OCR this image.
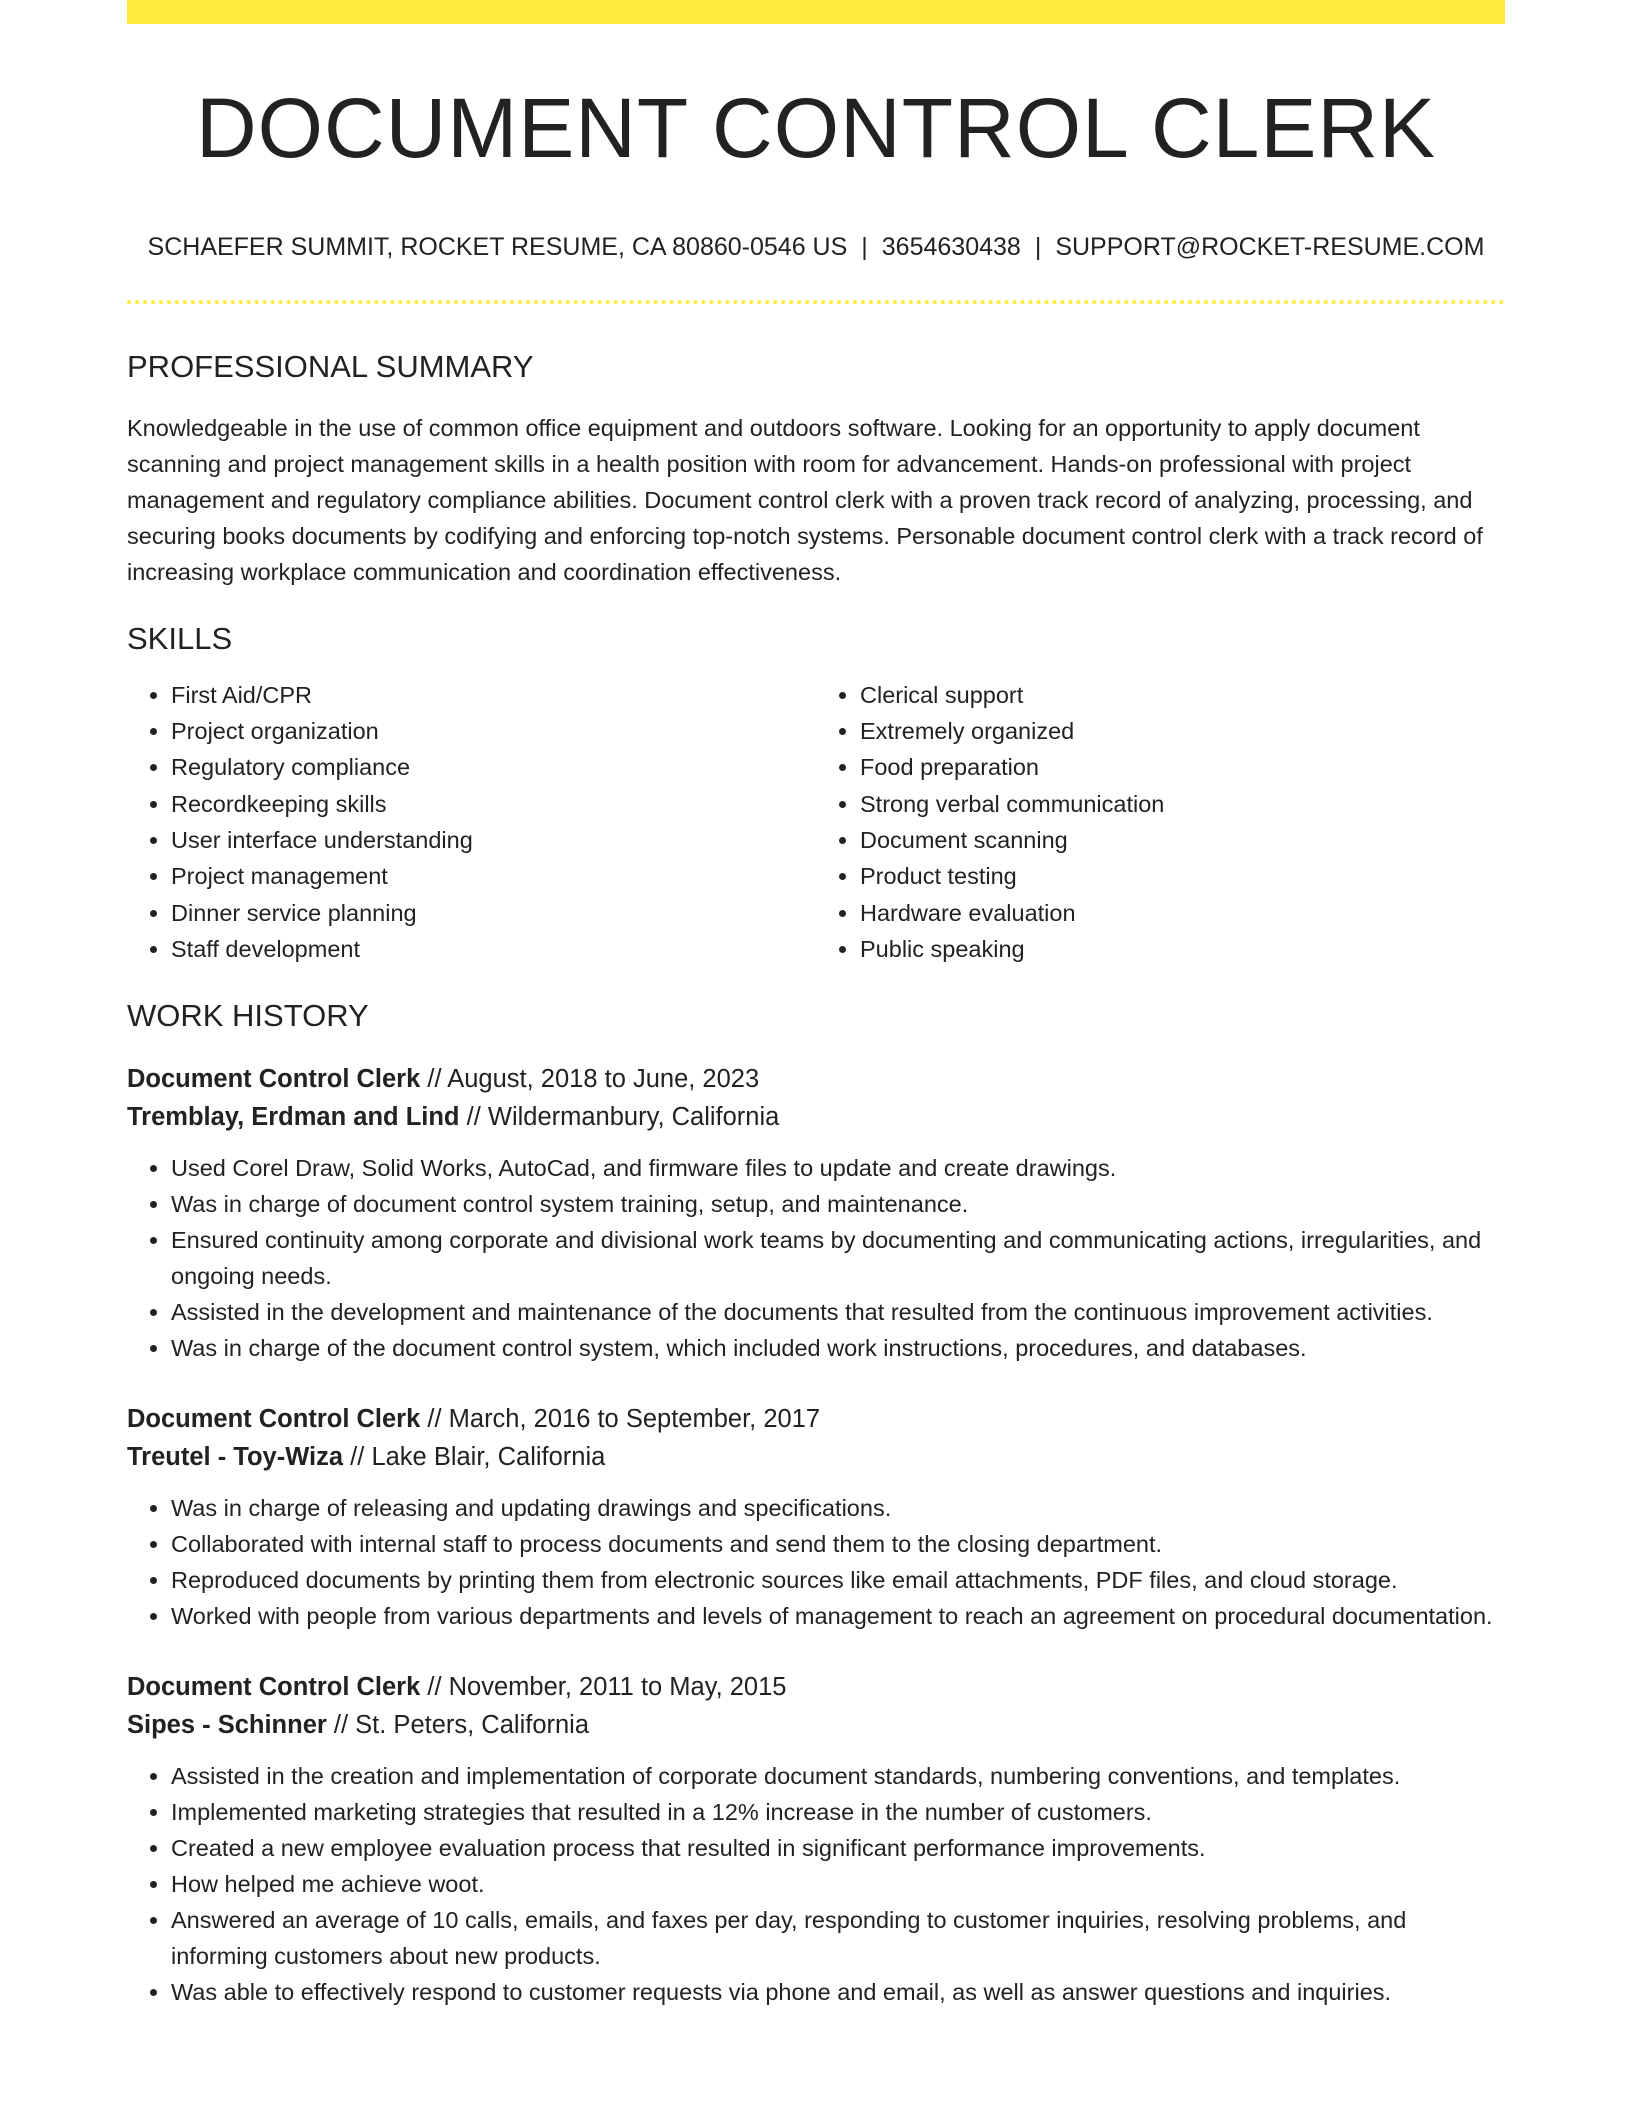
DOCUMENT CONTROL CLERK
SCHAEFER SUMMIT, ROCKET RESUME, CA 80860-0546 US | 3654630438 | SUPPORT@ROCKET-RESUME.COM
PROFESSIONAL SUMMARY

Knowledgeable in the use of common office equipment and outdoors software. Looking for an opportunity to apply document scanning and project management skills in a health position with room for advancement. Hands-on professional with project management and regulatory compliance abilities. Document control clerk with a proven track record of analyzing, processing, and securing books documents by codifying and enforcing top-notch systems. Personable document control clerk with a track record of increasing workplace communication and coordination effectiveness.

SKILLS
• First Aid/CPR
• Project organization
• Regulatory compliance
• Recordkeeping skills
• User interface understanding
• Project management
• Dinner service planning
• Staff development
• Clerical support
• Extremely organized
• Food preparation
• Strong verbal communication
• Document scanning
• Product testing
• Hardware evaluation
• Public speaking
WORK HISTORY
Document Control Clerk // August, 2018 to June, 2023
Tremblay, Erdman and Lind // Wildermanbury, California
• Used Corel Draw, Solid Works, AutoCad, and firmware files to update and create drawings.
• Was in charge of document control system training, setup, and maintenance.
• Ensured continuity among corporate and divisional work teams by documenting and communicating actions, irregularities, and ongoing needs.
• Assisted in the development and maintenance of the documents that resulted from the continuous improvement activities.
• Was in charge of the document control system, which included work instructions, procedures, and databases.
Document Control Clerk // March, 2016 to September, 2017
Treutel - Toy-Wiza // Lake Blair, California
• Was in charge of releasing and updating drawings and specifications.
• Collaborated with internal staff to process documents and send them to the closing department.
• Reproduced documents by printing them from electronic sources like email attachments, PDF files, and cloud storage.
• Worked with people from various departments and levels of management to reach an agreement on procedural documentation.
Document Control Clerk // November, 2011 to May, 2015
Sipes - Schinner // St. Peters, California
• Assisted in the creation and implementation of corporate document standards, numbering conventions, and templates.
• Implemented marketing strategies that resulted in a 12% increase in the number of customers.
• Created a new employee evaluation process that resulted in significant performance improvements.
• How helped me achieve woot.
• Answered an average of 10 calls, emails, and faxes per day, responding to customer inquiries, resolving problems, and informing customers about new products.
• Was able to effectively respond to customer requests via phone and email, as well as answer questions and inquiries.
